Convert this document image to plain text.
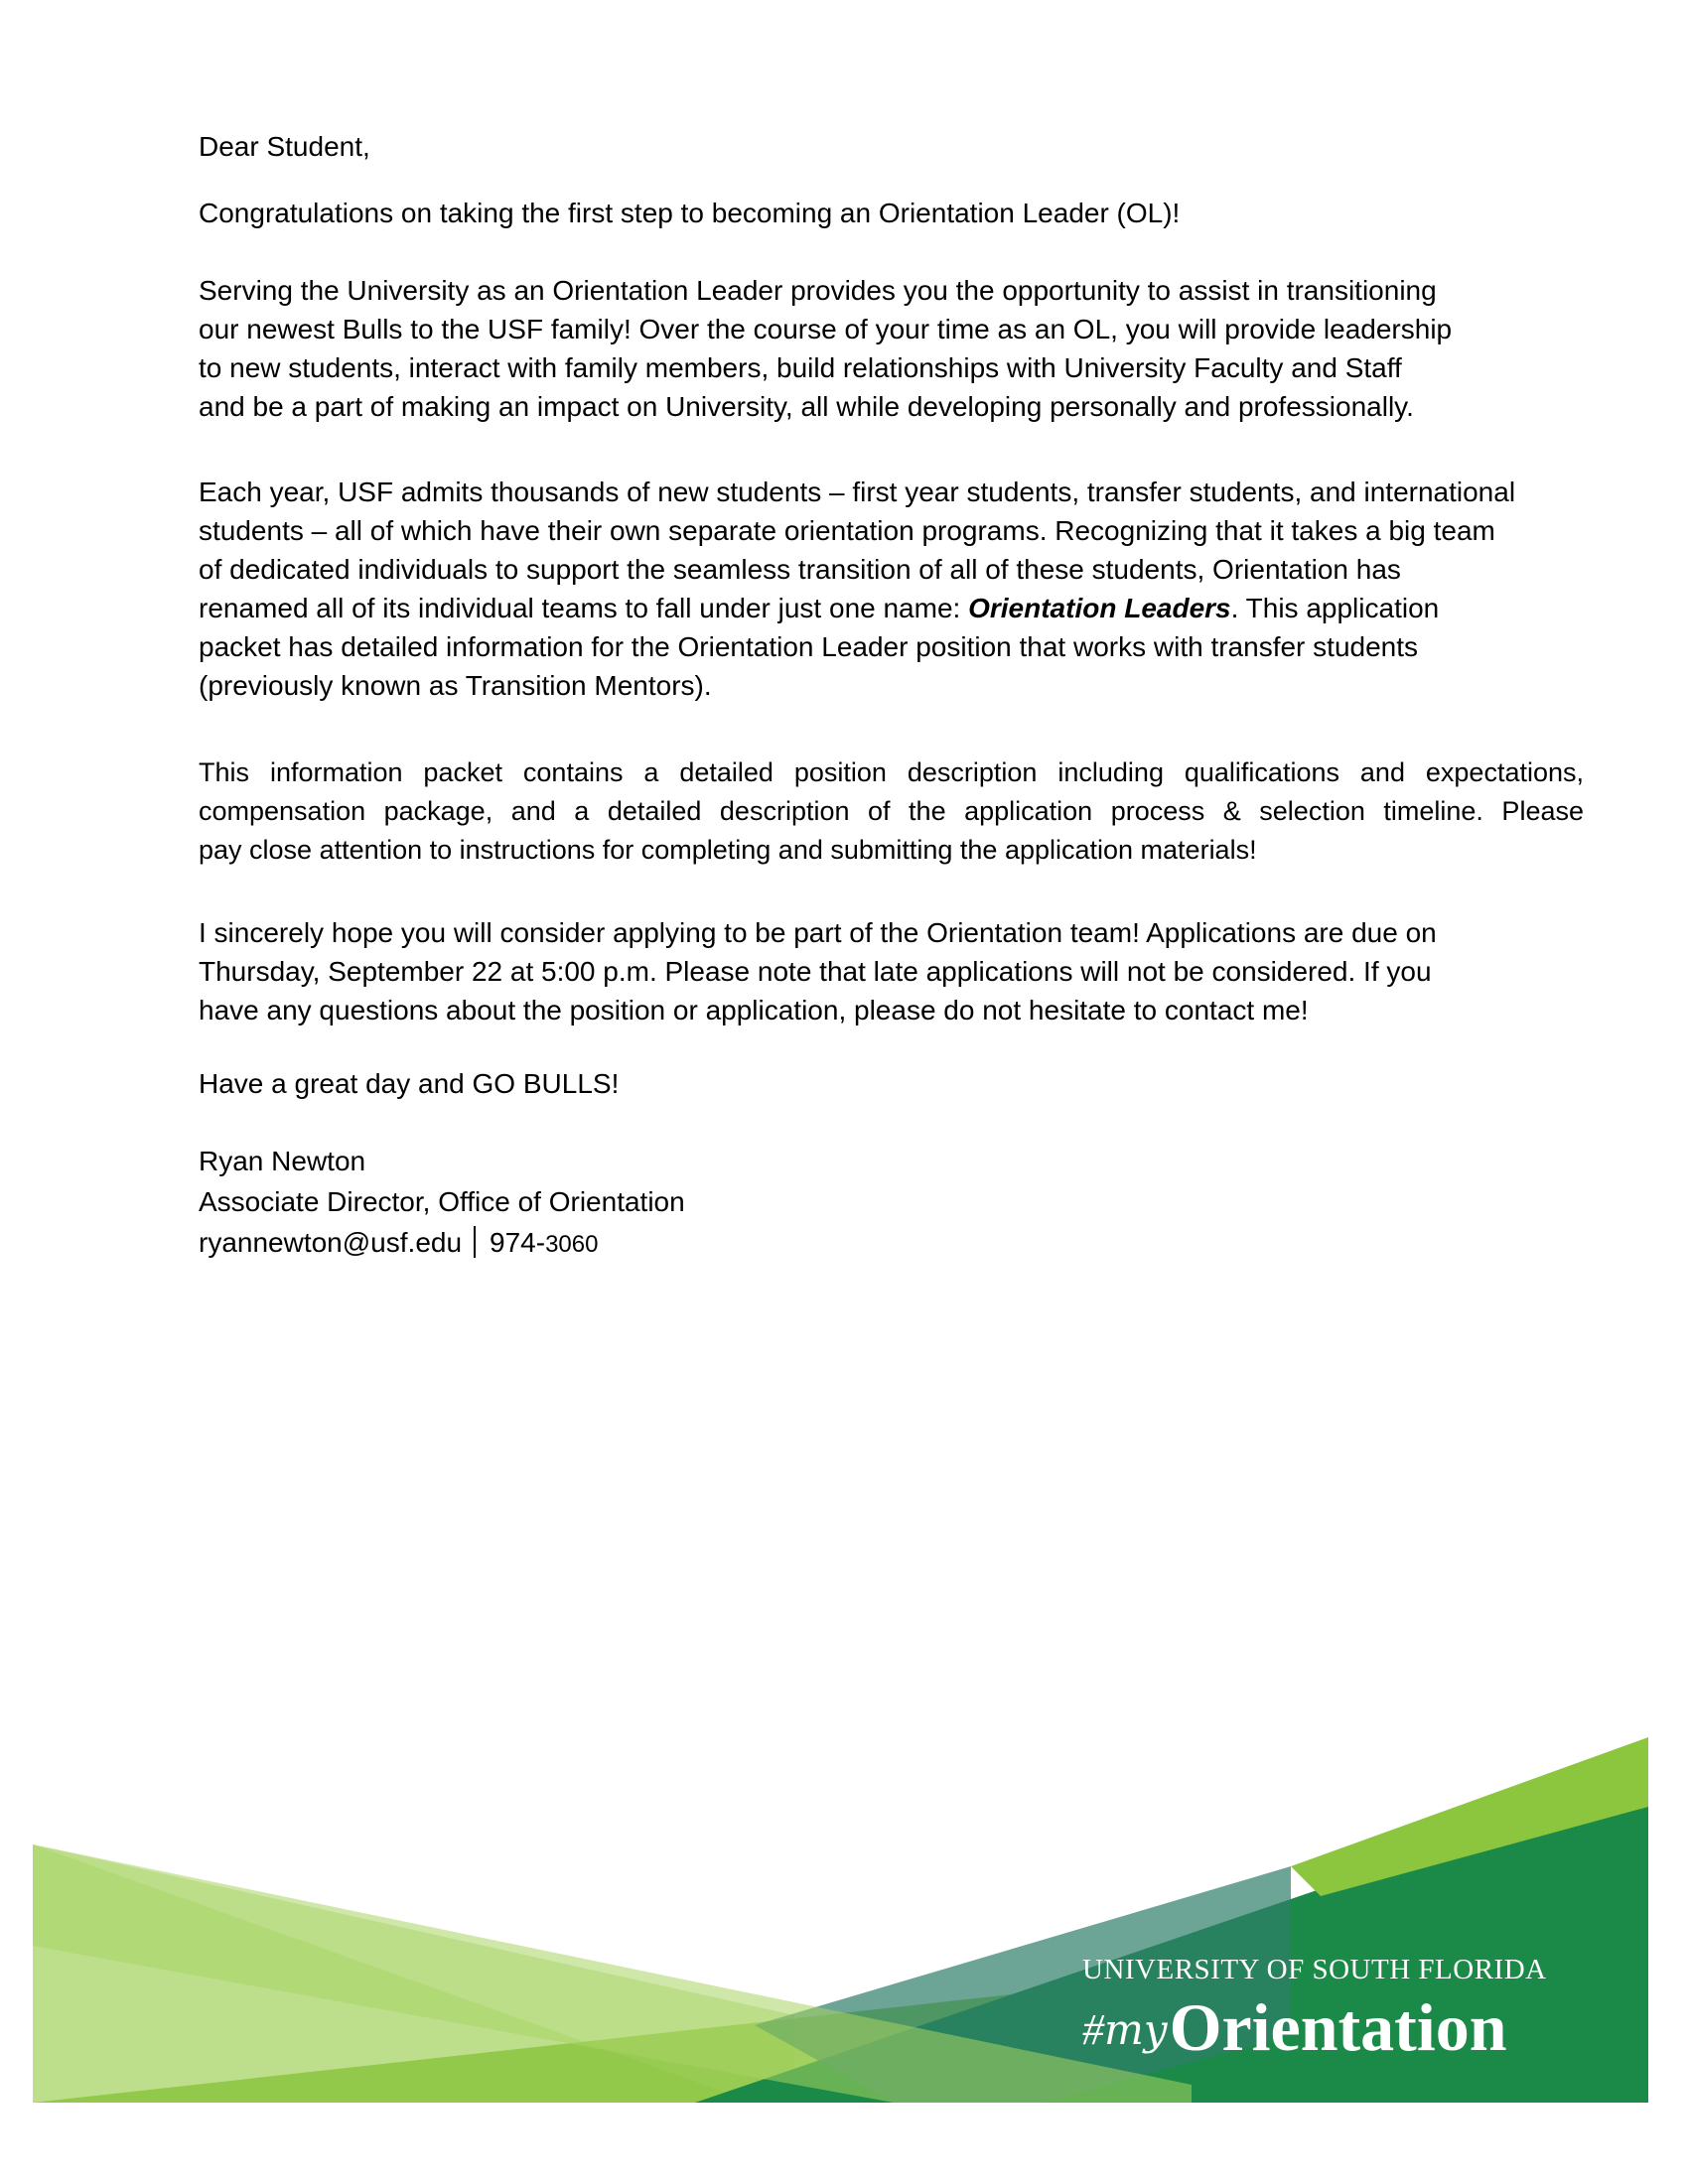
Dear Student,

Congratulations on taking the first step to becoming an Orientation Leader (OL)!

Serving the University as an Orientation Leader provides you the opportunity to assist in transitioning
our newest Bulls to the USF family! Over the course of your time as an OL, you will provide leadership
to new students, interact with family members, build relationships with University Faculty and Staff
and be a part of making an impact on University, all while developing personally and professionally.

Each year, USF admits thousands of new students – first year students, transfer students, and international
students – all of which have their own separate orientation programs. Recognizing that it takes a big team
of dedicated individuals to support the seamless transition of all of these students, Orientation has
renamed all of its individual teams to fall under just one name: Orientation Leaders. This application
packet has detailed information for the Orientation Leader position that works with transfer students
(previously known as Transition Mentors).

This information packet contains a detailed position description including qualifications and expectations,
compensation package, and a detailed description of the application process & selection timeline. Please
pay close attention to instructions for completing and submitting the application materials!

I sincerely hope you will consider applying to be part of the Orientation team! Applications are due on
Thursday, September 22 at 5:00 p.m. Please note that late applications will not be considered. If you
have any questions about the position or application, please do not hesitate to contact me!

Have a great day and GO BULLS!

Ryan Newton
Associate Director, Office of Orientation
ryannewton@usf.edu 974-3060

UNIVERSITY OF SOUTH FLORIDA
#myOrientation
